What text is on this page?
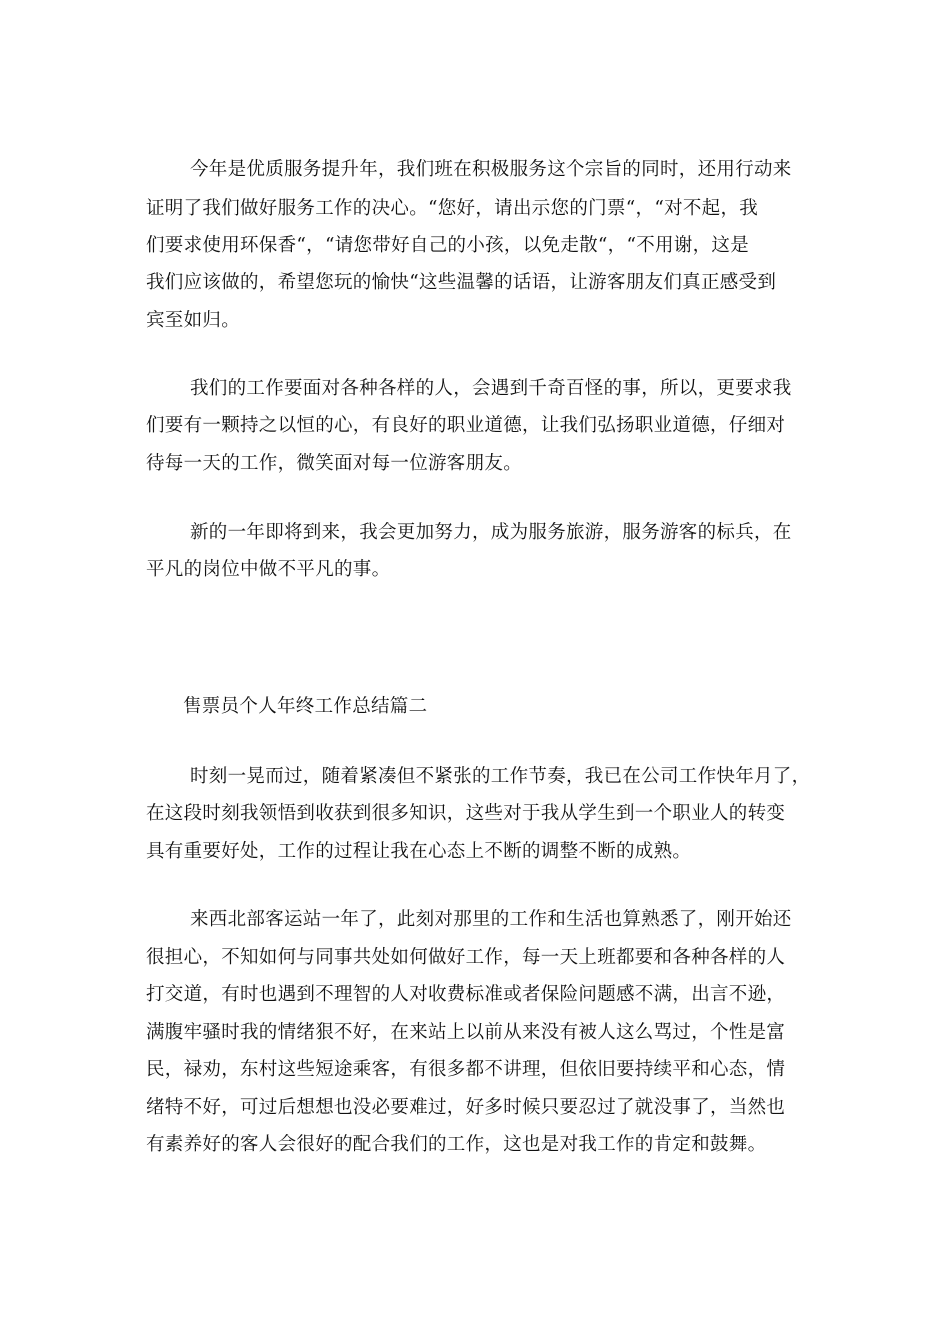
今年是优质服务提升年，我们班在积极服务这个宗旨的同时，还用行动来
证明了我们做好服务工作的决心。“您好，请出示您的门票“，“对不起，我
们要求使用环保香“，“请您带好自己的小孩，以免走散“，“不用谢，这是
我们应该做的，希望您玩的愉快“这些温馨的话语，让游客朋友们真正感受到
宾至如归。
我们的工作要面对各种各样的人，会遇到千奇百怪的事，所以，更要求我
们要有一颗持之以恒的心，有良好的职业道德，让我们弘扬职业道德，仔细对
待每一天的工作，微笑面对每一位游客朋友。
新的一年即将到来，我会更加努力，成为服务旅游，服务游客的标兵，在
平凡的岗位中做不平凡的事。
售票员个人年终工作总结篇二
时刻一晃而过，随着紧凑但不紧张的工作节奏，我已在公司工作快年月了，
在这段时刻我领悟到收获到很多知识，这些对于我从学生到一个职业人的转变
具有重要好处，工作的过程让我在心态上不断的调整不断的成熟。
来西北部客运站一年了，此刻对那里的工作和生活也算熟悉了，刚开始还
很担心，不知如何与同事共处如何做好工作，每一天上班都要和各种各样的人
打交道，有时也遇到不理智的人对收费标准或者保险问题感不满，出言不逊，
满腹牢骚时我的情绪狠不好，在来站上以前从来没有被人这么骂过，个性是富
民，禄劝，东村这些短途乘客，有很多都不讲理，但依旧要持续平和心态，情
绪特不好，可过后想想也没必要难过，好多时候只要忍过了就没事了，当然也
有素养好的客人会很好的配合我们的工作，这也是对我工作的肯定和鼓舞。
